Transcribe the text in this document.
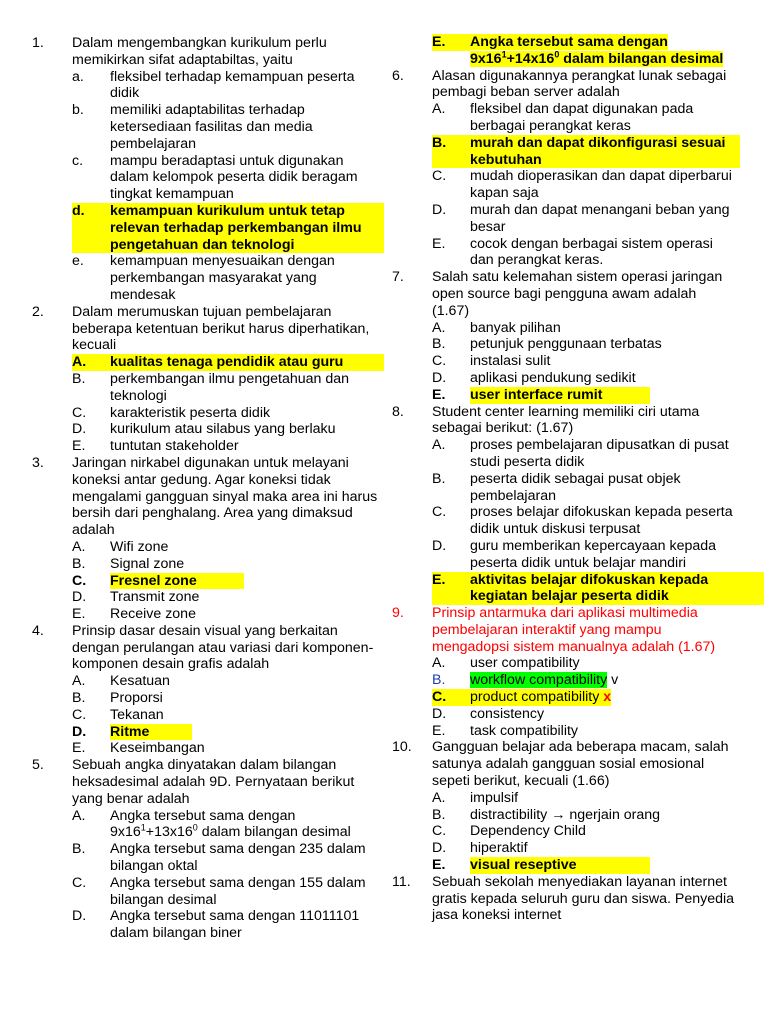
1.	Dalam mengembangkan kurikulum perlu memikirkan sifat adaptabiltas, yaitu
a.	fleksibel terhadap kemampuan peserta didik
b.	memiliki adaptabilitas terhadap ketersediaan fasilitas dan media pembelajaran
c.	mampu beradaptasi untuk digunakan dalam kelompok peserta didik beragam tingkat kemampuan
d.	kemampuan kurikulum untuk tetap relevan terhadap perkembangan ilmu pengetahuan dan teknologi
e.	kemampuan menyesuaikan dengan perkembangan masyarakat yang mendesak
2.	Dalam merumuskan tujuan pembelajaran beberapa ketentuan berikut harus diperhatikan, kecuali
A.	kualitas tenaga pendidik atau guru
B.	perkembangan ilmu pengetahuan dan teknologi
C.	karakteristik peserta didik
D.	kurikulum atau silabus yang berlaku
E.	tuntutan stakeholder
3.	Jaringan nirkabel digunakan untuk melayani koneksi antar gedung. Agar koneksi tidak mengalami gangguan sinyal maka area ini harus bersih dari penghalang. Area yang dimaksud adalah
A.	Wifi zone
B.	Signal zone
C. Fresnel zone
D.	Transmit zone
E.	Receive zone
4.	Prinsip dasar desain visual yang berkaitan dengan perulangan atau variasi dari komponen-komponen desain grafis adalah
A.	Kesatuan
B.	Proporsi
C.	Tekanan
D. Ritme
E.	Keseimbangan
5.	Sebuah angka dinyatakan dalam bilangan heksadesimal adalah 9D. Pernyataan berikut yang benar adalah
A.	Angka tersebut sama dengan
$9x16^1+13x16^0$ dalam bilangan desimal
B.	Angka tersebut sama dengan 235 dalam bilangan oktal
C.	Angka tersebut sama dengan 155 dalam bilangan desimal
D.	Angka tersebut sama dengan 11011101 dalam bilangan biner
E.	Angka tersebut sama dengan
$9x16^1+14x16^0$ dalam bilangan desimal
6.	Alasan digunakannya perangkat lunak sebagai pembagi beban server adalah
A.	fleksibel dan dapat digunakan pada berbagai perangkat keras
B.	murah dan dapat dikonfigurasi sesuai kebutuhan
C.	mudah dioperasikan dan dapat diperbarui kapan saja
D.	murah dan dapat menangani beban yang besar
E.	cocok dengan berbagai sistem operasi dan perangkat keras.
7.	Salah satu kelemahan sistem operasi jaringan open source bagi pengguna awam adalah (1.67)
A.	banyak pilihan
B.	petunjuk penggunaan terbatas
C.	instalasi sulit
D.	aplikasi pendukung sedikit
E. user interface rumit
8.	Student center learning memiliki ciri utama sebagai berikut: (1.67)
A.	proses pembelajaran dipusatkan di pusat studi peserta didik
B.	peserta didik sebagai pusat objek pembelajaran
C.	proses belajar difokuskan kepada peserta didik untuk diskusi terpusat
D.	guru memberikan kepercayaan kepada peserta didik untuk belajar mandiri
E.	aktivitas belajar difokuskan kepada kegiatan belajar peserta didik
9.	Prinsip antarmuka dari aplikasi multimedia pembelajaran interaktif yang mampu mengadopsi sistem manualnya adalah (1.67)
A.	user compatibility
B.	workflow compatibility v
C.	product compatibility x
D.	consistency
E.	task compatibility
10.	Gangguan belajar ada beberapa macam, salah satunya adalah gangguan sosial emosional sepeti berikut, kecuali (1.66)
A.	impulsif
B.	distractibility → ngerjain orang
C.	Dependency Child
D.	hiperaktif
E. visual reseptive
11.	Sebuah sekolah menyediakan layanan internet gratis kepada seluruh guru dan siswa. Penyedia jasa koneksi internet
